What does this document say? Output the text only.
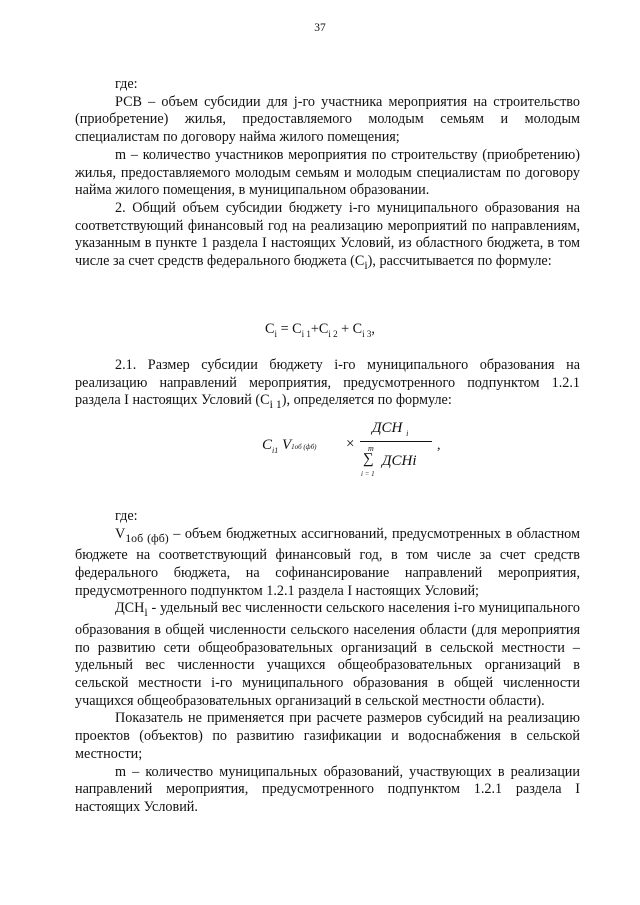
37

где:

РСВ – объем субсидии для j-го участника мероприятия на строительство (приобретение) жилья, предоставляемого молодым семьям и молодым специалистам по договору найма жилого помещения;

m – количество участников мероприятия по строительству (приобретению) жилья, предоставляемого молодым семьям и молодым специалистам по договору найма жилого помещения, в муниципальном образовании.

2. Общий объем субсидии бюджету i-го муниципального образования на соответствующий финансовый год на реализацию мероприятий по направлениям, указанным в пункте 1 раздела I настоящих Условий, из областного бюджета, в том числе за счет средств федерального бюджета $(C_i)$, рассчитывается по формуле:

$C_i = C_{i 1}+C_{i 2} + C_{i 3}$,

2.1. Размер субсидии бюджету i-го муниципального образования на реализацию направлений мероприятия, предусмотренного подпунктом 1.2.1 раздела I настоящих Условий $(C_{i 1})$, определяется по формуле:

$C_{i1}$ V1об (фб) ×
ДСН $_i$
m
∑
i = 1
ДСНi
,

где:

$V_{1об (фб)}$ – объем бюджетных ассигнований, предусмотренных в областном бюджете на соответствующий финансовый год, в том числе за счет средств федерального бюджета, на софинансирование направлений мероприятия, предусмотренного подпунктом 1.2.1 раздела I настоящих Условий;

$ДСН_i$ - удельный вес численности сельского населения i-го муниципального образования в общей численности сельского населения области (для мероприятия по развитию сети общеобразовательных организаций в сельской местности – удельный вес численности учащихся общеобразовательных организаций в сельской местности i-го муниципального образования в общей численности учащихся общеобразовательных организаций в сельской местности области).

Показатель не применяется при расчете размеров субсидий на реализацию проектов (объектов) по развитию газификации и водоснабжения в сельской местности;

m – количество муниципальных образований, участвующих в реализации направлений мероприятия, предусмотренного подпунктом 1.2.1 раздела I настоящих Условий.
